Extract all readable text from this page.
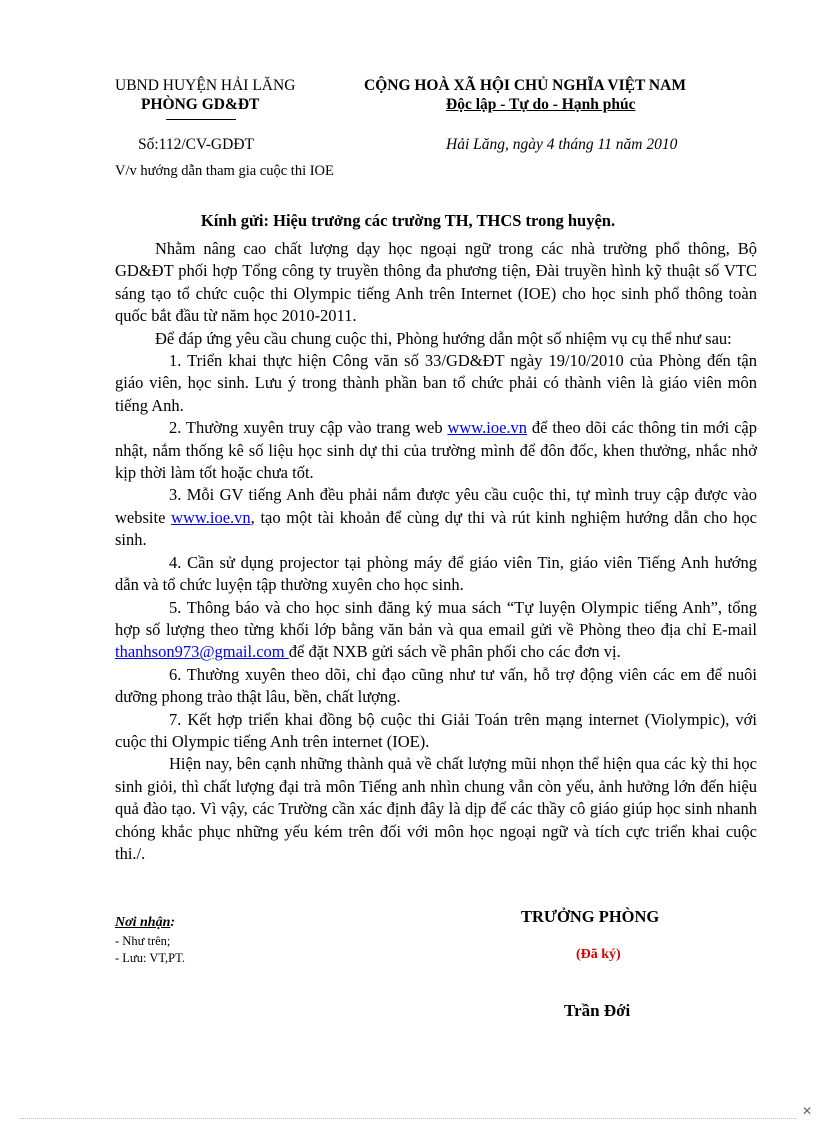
UBND HUYỆN HẢI LĂNG
PHÒNG GD&ĐT
CỘNG HOÀ XÃ HỘI CHỦ NGHĨA VIỆT NAM
Độc lập - Tự do - Hạnh phúc
Số:112/CV-GDĐT	Hải Lăng, ngày 4 tháng 11 năm 2010
V/v hướng dẫn tham gia cuộc thi IOE
Kính gửi: Hiệu trưởng các trường TH, THCS trong huyện.

Nhằm nâng cao chất lượng dạy học ngoại ngữ trong các nhà trường phổ thông, Bộ GD&ĐT phối hợp Tổng công ty truyền thông đa phương tiện, Đài truyền hình kỹ thuật số VTC sáng tạo tổ chức cuộc thi Olympic tiếng Anh trên Internet (IOE) cho học sinh phổ thông toàn quốc bắt đầu từ năm học 2010-2011.

Để đáp ứng yêu cầu chung cuộc thi, Phòng hướng dẫn một số nhiệm vụ cụ thể như sau:

1. Triển khai thực hiện Công văn số 33/GD&ĐT ngày 19/10/2010 của Phòng đến tận giáo viên, học sinh. Lưu ý trong thành phần ban tổ chức phải có thành viên là giáo viên môn tiếng Anh.

2. Thường xuyên truy cập vào trang web www.ioe.vn để theo dõi các thông tin mới cập nhật, nắm thống kê số liệu học sinh dự thi của trường mình để đôn đốc, khen thưởng, nhắc nhở kịp thời làm tốt hoặc chưa tốt.

3. Mỗi GV tiếng Anh đều phải nắm được yêu cầu cuộc thi, tự mình truy cập được vào website www.ioe.vn, tạo một tài khoản để cùng dự thi và rút kinh nghiệm hướng dẫn cho học sinh.

4. Cần sử dụng projector tại phòng máy để giáo viên Tin, giáo viên Tiếng Anh hướng dẫn và tổ chức luyện tập thường xuyên cho học sinh.

5. Thông báo và cho học sinh đăng ký mua sách “Tự luyện Olympic tiếng Anh”, tổng hợp số lượng theo từng khối lớp bằng văn bản và qua email gửi về Phòng theo địa chỉ E-mail thanhson973@gmail.com để đặt NXB gửi sách về phân phối cho các đơn vị.

6. Thường xuyên theo dõi, chỉ đạo cũng như tư vấn, hỗ trợ động viên các em để nuôi dưỡng phong trào thật lâu, bền, chất lượng.

7. Kết hợp triển khai đồng bộ cuộc thi Giải Toán trên mạng internet (Violympic), với cuộc thi Olympic tiếng Anh trên internet (IOE).

Hiện nay, bên cạnh những thành quả về chất lượng mũi nhọn thể hiện qua các kỳ thi học sinh giỏi, thì chất lượng đại trà môn Tiếng anh nhìn chung vẫn còn yếu, ảnh hưởng lớn đến hiệu quả đào tạo. Vì vậy, các Trường cần xác định đây là dịp để các thầy cô giáo giúp học sinh nhanh chóng khắc phục những yếu kém trên đối với môn học ngoại ngữ và tích cực triển khai cuộc thi./.

Nơi nhận:
- Như trên;
- Lưu: VT,PT.
TRƯỞNG PHÒNG
(Đã ký)
Trần Đới
✕
